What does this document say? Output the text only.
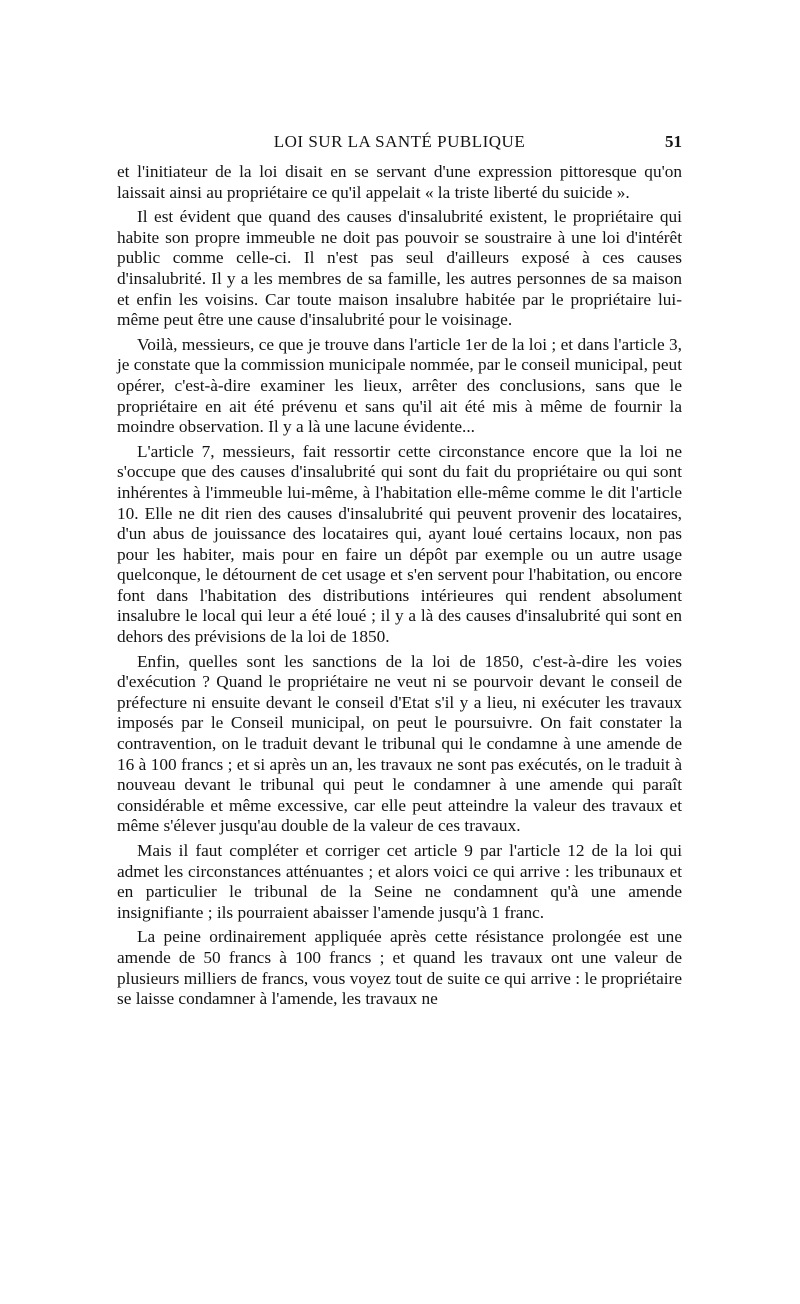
LOI SUR LA SANTÉ PUBLIQUE	51

et l'initiateur de la loi disait en se servant d'une expression pittoresque qu'on laissait ainsi au propriétaire ce qu'il appelait « la triste liberté du suicide ».

Il est évident que quand des causes d'insalubrité existent, le propriétaire qui habite son propre immeuble ne doit pas pouvoir se soustraire à une loi d'intérêt public comme celle-ci. Il n'est pas seul d'ailleurs exposé à ces causes d'insalubrité. Il y a les membres de sa famille, les autres personnes de sa maison et enfin les voisins. Car toute maison insalubre habitée par le propriétaire lui-même peut être une cause d'insalubrité pour le voisinage.

Voilà, messieurs, ce que je trouve dans l'article 1er de la loi ; et dans l'article 3, je constate que la commission municipale nommée, par le conseil municipal, peut opérer, c'est-à-dire examiner les lieux, arrêter des conclusions, sans que le propriétaire en ait été prévenu et sans qu'il ait été mis à même de fournir la moindre observation. Il y a là une lacune évidente...

L'article 7, messieurs, fait ressortir cette circonstance encore que la loi ne s'occupe que des causes d'insalubrité qui sont du fait du propriétaire ou qui sont inhérentes à l'immeuble lui-même, à l'habitation elle-même comme le dit l'article 10. Elle ne dit rien des causes d'insalubrité qui peuvent provenir des locataires, d'un abus de jouissance des locataires qui, ayant loué certains locaux, non pas pour les habiter, mais pour en faire un dépôt par exemple ou un autre usage quelconque, le détournent de cet usage et s'en servent pour l'habitation, ou encore font dans l'habitation des distributions intérieures qui rendent absolument insalubre le local qui leur a été loué ; il y a là des causes d'insalubrité qui sont en dehors des prévisions de la loi de 1850.

Enfin, quelles sont les sanctions de la loi de 1850, c'est-à-dire les voies d'exécution ? Quand le propriétaire ne veut ni se pourvoir devant le conseil de préfecture ni ensuite devant le conseil d'Etat s'il y a lieu, ni exécuter les travaux imposés par le Conseil municipal, on peut le poursuivre. On fait constater la contravention, on le traduit devant le tribunal qui le condamne à une amende de 16 à 100 francs ; et si après un an, les travaux ne sont pas exécutés, on le traduit à nouveau devant le tribunal qui peut le condamner à une amende qui paraît considérable et même excessive, car elle peut atteindre la valeur des travaux et même s'élever jusqu'au double de la valeur de ces travaux.

Mais il faut compléter et corriger cet article 9 par l'article 12 de la loi qui admet les circonstances atténuantes ; et alors voici ce qui arrive : les tribunaux et en particulier le tribunal de la Seine ne condamnent qu'à une amende insignifiante ; ils pourraient abaisser l'amende jusqu'à 1 franc.

La peine ordinairement appliquée après cette résistance prolongée est une amende de 50 francs à 100 francs ; et quand les travaux ont une valeur de plusieurs milliers de francs, vous voyez tout de suite ce qui arrive : le propriétaire se laisse condamner à l'amende, les travaux ne
